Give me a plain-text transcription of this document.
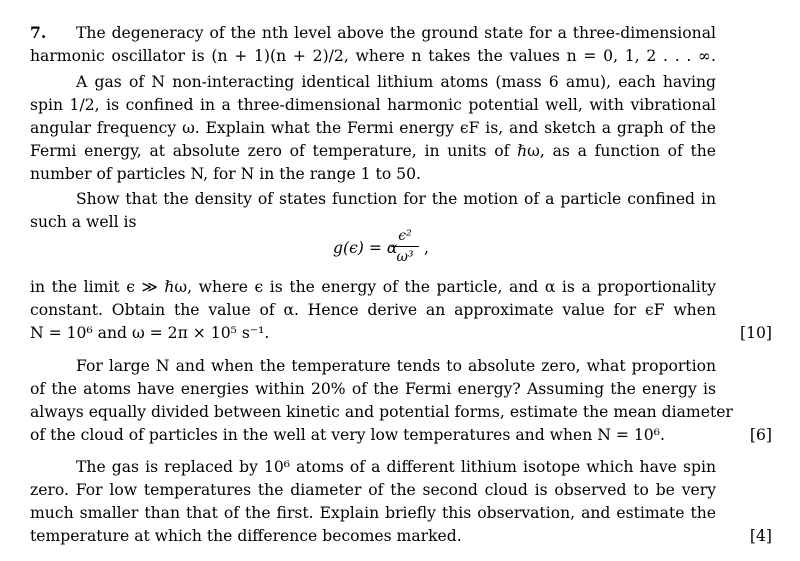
7. The degeneracy of the nth level above the ground state for a three-dimensional
harmonic oscillator is (n + 1)(n + 2)/2, where n takes the values n = 0, 1, 2 . . . ∞.
A gas of N non-interacting identical lithium atoms (mass 6 amu), each having
spin 1/2, is confined in a three-dimensional harmonic potential well, with vibrational
angular frequency ω. Explain what the Fermi energy ϵF is, and sketch a graph of the
Fermi energy, at absolute zero of temperature, in units of ℏω, as a function of the
number of particles N, for N in the range 1 to 50.
Show that the density of states function for the motion of a particle confined in
such a well is
g(ϵ) = α
ϵ²
ω³ ,
in the limit ϵ ≫ ℏω, where ϵ is the energy of the particle, and α is a proportionality
constant. Obtain the value of α. Hence derive an approximate value for ϵF when
N = 10⁶ and ω = 2π × 10⁵ s⁻¹.	[10]
For large N and when the temperature tends to absolute zero, what proportion
of the atoms have energies within 20% of the Fermi energy? Assuming the energy is
always equally divided between kinetic and potential forms, estimate the mean diameter
of the cloud of particles in the well at very low temperatures and when N = 10⁶.	[6]
The gas is replaced by 10⁶ atoms of a different lithium isotope which have spin
zero. For low temperatures the diameter of the second cloud is observed to be very
much smaller than that of the first. Explain briefly this observation, and estimate the
temperature at which the difference becomes marked.	[4]
